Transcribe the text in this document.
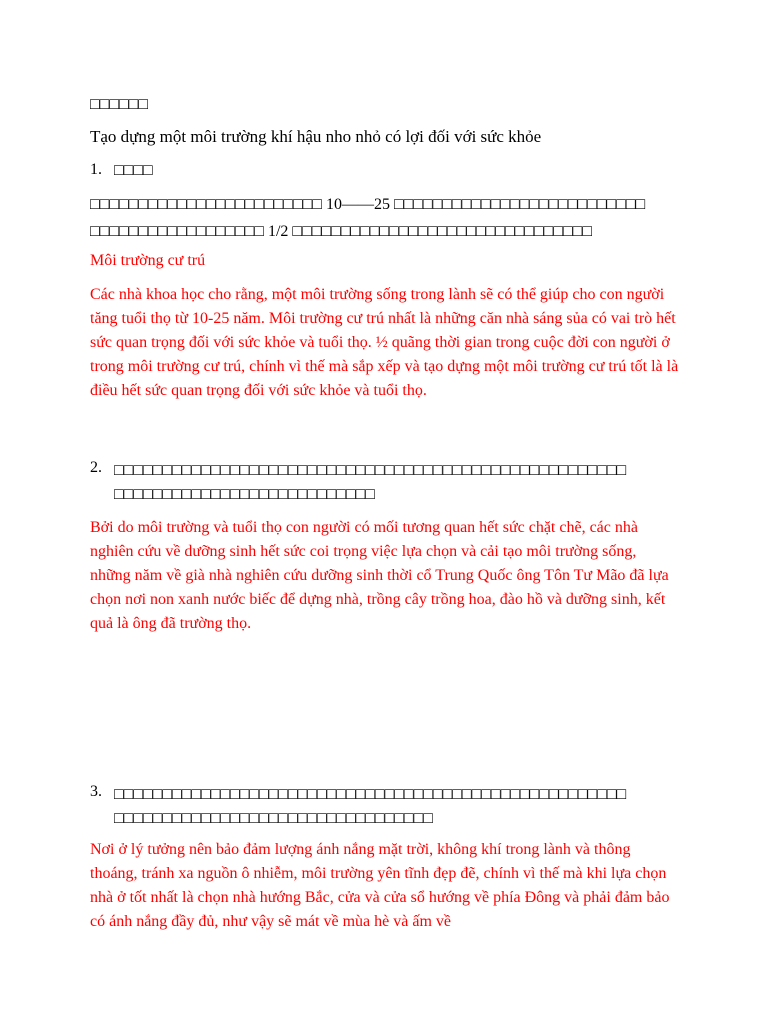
□□□□□□
Tạo dựng một môi trường khí hậu nho nhỏ có lợi đối với sức khỏe
1. □□□□
□□□□□□□□□□□□□□□□□□□□□□□□ 10——25 □□□□□□□□□□□□□□□□□□□□□□□□□□
□□□□□□□□□□□□□□□□□□ 1/2 □□□□□□□□□□□□□□□□□□□□□□□□□□□□□□□
Môi trường cư trú
Các nhà khoa học cho rằng, một môi trường sống trong lành sẽ có thể giúp cho con người tăng tuổi thọ từ 10-25 năm. Môi trường cư trú nhất là những căn nhà sáng sủa có vai trò hết sức quan trọng đối với sức khỏe và tuổi thọ. ½ quãng thời gian trong cuộc đời con người ở trong môi trường cư trú, chính vì thế mà sắp xếp và tạo dựng một môi trường cư trú tốt là là điều hết sức quan trọng đối với sức khỏe và tuổi thọ.
2. □□□□□□□□□□□□□□□□□□□□□□□□□□□□□□□□□□□□□□□□□□□□□□□□□□□□□
□□□□□□□□□□□□□□□□□□□□□□□□□□□
Bởi do môi trường và tuổi thọ con người có mối tương quan hết sức chặt chẽ, các nhà nghiên cứu về dưỡng sinh hết sức coi trọng việc lựa chọn và cải tạo môi trường sống, những năm về già nhà nghiên cứu dưỡng sinh thời cổ Trung Quốc ông Tôn Tư Mão đã lựa chọn nơi non xanh nước biếc để dựng nhà, trồng cây trồng hoa, đào hồ và dưỡng sinh, kết quả là ông đã trường thọ.
3. □□□□□□□□□□□□□□□□□□□□□□□□□□□□□□□□□□□□□□□□□□□□□□□□□□□□□
□□□□□□□□□□□□□□□□□□□□□□□□□□□□□□□□□
Nơi ở lý tưởng nên bảo đảm lượng ánh nắng mặt trời, không khí trong lành và thông thoáng, tránh xa nguồn ô nhiễm, môi trường yên tĩnh đẹp đẽ, chính vì thế mà khi lựa chọn nhà ở tốt nhất là chọn nhà hướng Bắc, cửa và cửa sổ hướng về phía Đông và phải đảm bảo có ánh nắng đầy đủ, như vậy sẽ mát về mùa hè và ấm về
